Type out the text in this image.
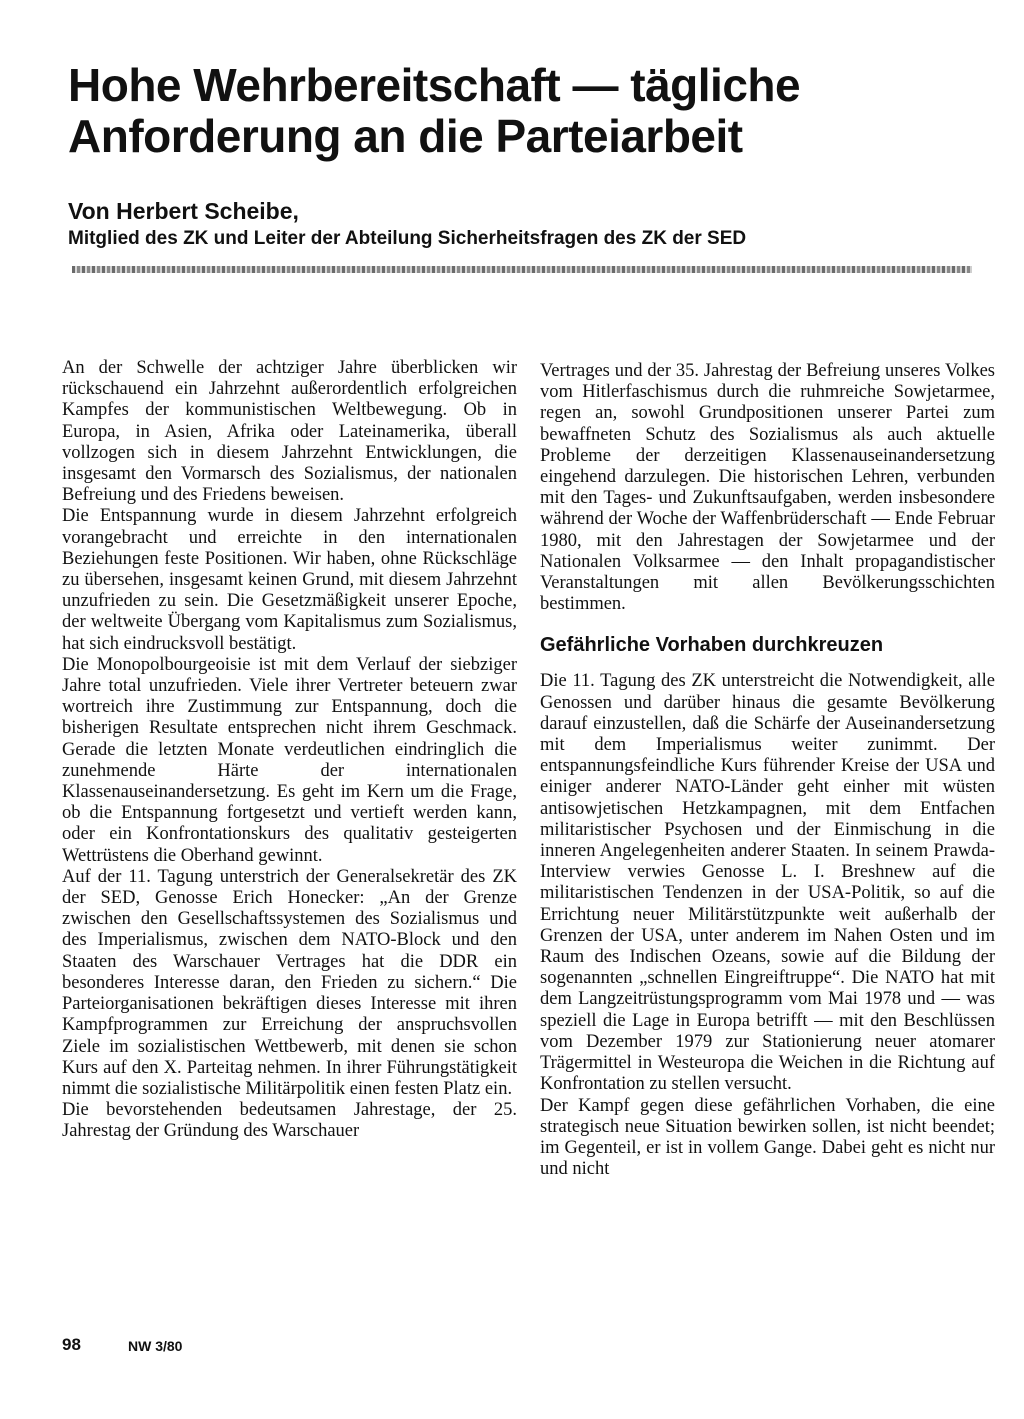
Hohe Wehrbereitschaft — tägliche
Anforderung an die Parteiarbeit
Von Herbert Scheibe,
Mitglied des ZK und Leiter der Abteilung Sicherheitsfragen des ZK der SED

An der Schwelle der achtziger Jahre überblicken wir rückschauend ein Jahrzehnt außerordentlich erfolgreichen Kampfes der kommunistischen Weltbewegung. Ob in Europa, in Asien, Afrika oder Lateinamerika, überall vollzogen sich in diesem Jahrzehnt Entwicklungen, die insgesamt den Vormarsch des Sozialismus, der nationalen Befreiung und des Friedens beweisen.

Die Entspannung wurde in diesem Jahrzehnt erfolgreich vorangebracht und erreichte in den internationalen Beziehungen feste Positionen. Wir haben, ohne Rückschläge zu übersehen, insgesamt keinen Grund, mit diesem Jahrzehnt unzufrieden zu sein. Die Gesetzmäßigkeit unserer Epoche, der weltweite Übergang vom Kapitalismus zum Sozialismus, hat sich eindrucksvoll bestätigt.

Die Monopolbourgeoisie ist mit dem Verlauf der siebziger Jahre total unzufrieden. Viele ihrer Vertreter beteuern zwar wortreich ihre Zustimmung zur Entspannung, doch die bisherigen Resultate entsprechen nicht ihrem Geschmack. Gerade die letzten Monate verdeutlichen eindringlich die zunehmende Härte der internationalen Klassenauseinandersetzung. Es geht im Kern um die Frage, ob die Entspannung fortgesetzt und vertieft werden kann, oder ein Konfrontationskurs des qualitativ gesteigerten Wettrüstens die Oberhand gewinnt.

Auf der 11. Tagung unterstrich der Generalsekretär des ZK der SED, Genosse Erich Honecker: „An der Grenze zwischen den Gesellschaftssystemen des Sozialismus und des Imperialismus, zwischen dem NATO-Block und den Staaten des Warschauer Vertrages hat die DDR ein besonderes Interesse daran, den Frieden zu sichern.“ Die Parteiorganisationen bekräftigen dieses Interesse mit ihren Kampfprogrammen zur Erreichung der anspruchsvollen Ziele im sozialistischen Wettbewerb, mit denen sie schon Kurs auf den X. Parteitag nehmen. In ihrer Führungstätigkeit nimmt die sozialistische Militärpolitik einen festen Platz ein.

Die bevorstehenden bedeutsamen Jahrestage, der 25. Jahrestag der Gründung des Warschauer

Vertrages und der 35. Jahrestag der Befreiung unseres Volkes vom Hitlerfaschismus durch die ruhmreiche Sowjetarmee, regen an, sowohl Grundpositionen unserer Partei zum bewaffneten Schutz des Sozialismus als auch aktuelle Probleme der derzeitigen Klassenauseinandersetzung eingehend darzulegen. Die historischen Lehren, verbunden mit den Tages- und Zukunftsaufgaben, werden insbesondere während der Woche der Waffenbrüderschaft — Ende Februar 1980, mit den Jahrestagen der Sowjetarmee und der Nationalen Volksarmee — den Inhalt propagandistischer Veranstaltungen mit allen Bevölkerungsschichten bestimmen.

Gefährliche Vorhaben durchkreuzen

Die 11. Tagung des ZK unterstreicht die Notwendigkeit, alle Genossen und darüber hinaus die gesamte Bevölkerung darauf einzustellen, daß die Schärfe der Auseinandersetzung mit dem Imperialismus weiter zunimmt. Der entspannungsfeindliche Kurs führender Kreise der USA und einiger anderer NATO-Länder geht einher mit wüsten antisowjetischen Hetzkampagnen, mit dem Entfachen militaristischer Psychosen und der Einmischung in die inneren Angelegenheiten anderer Staaten. In seinem Prawda-Interview verwies Genosse L. I. Breshnew auf die militaristischen Tendenzen in der USA-Politik, so auf die Errichtung neuer Militärstützpunkte weit außerhalb der Grenzen der USA, unter anderem im Nahen Osten und im Raum des Indischen Ozeans, sowie auf die Bildung der sogenannten „schnellen Eingreiftruppe“. Die NATO hat mit dem Langzeitrüstungsprogramm vom Mai 1978 und — was speziell die Lage in Europa betrifft — mit den Beschlüssen vom Dezember 1979 zur Stationierung neuer atomarer Trägermittel in Westeuropa die Weichen in die Richtung auf Konfrontation zu stellen versucht.

Der Kampf gegen diese gefährlichen Vorhaben, die eine strategisch neue Situation bewirken sollen, ist nicht beendet; im Gegenteil, er ist in vollem Gange. Dabei geht es nicht nur und nicht

98	NW 3/80
